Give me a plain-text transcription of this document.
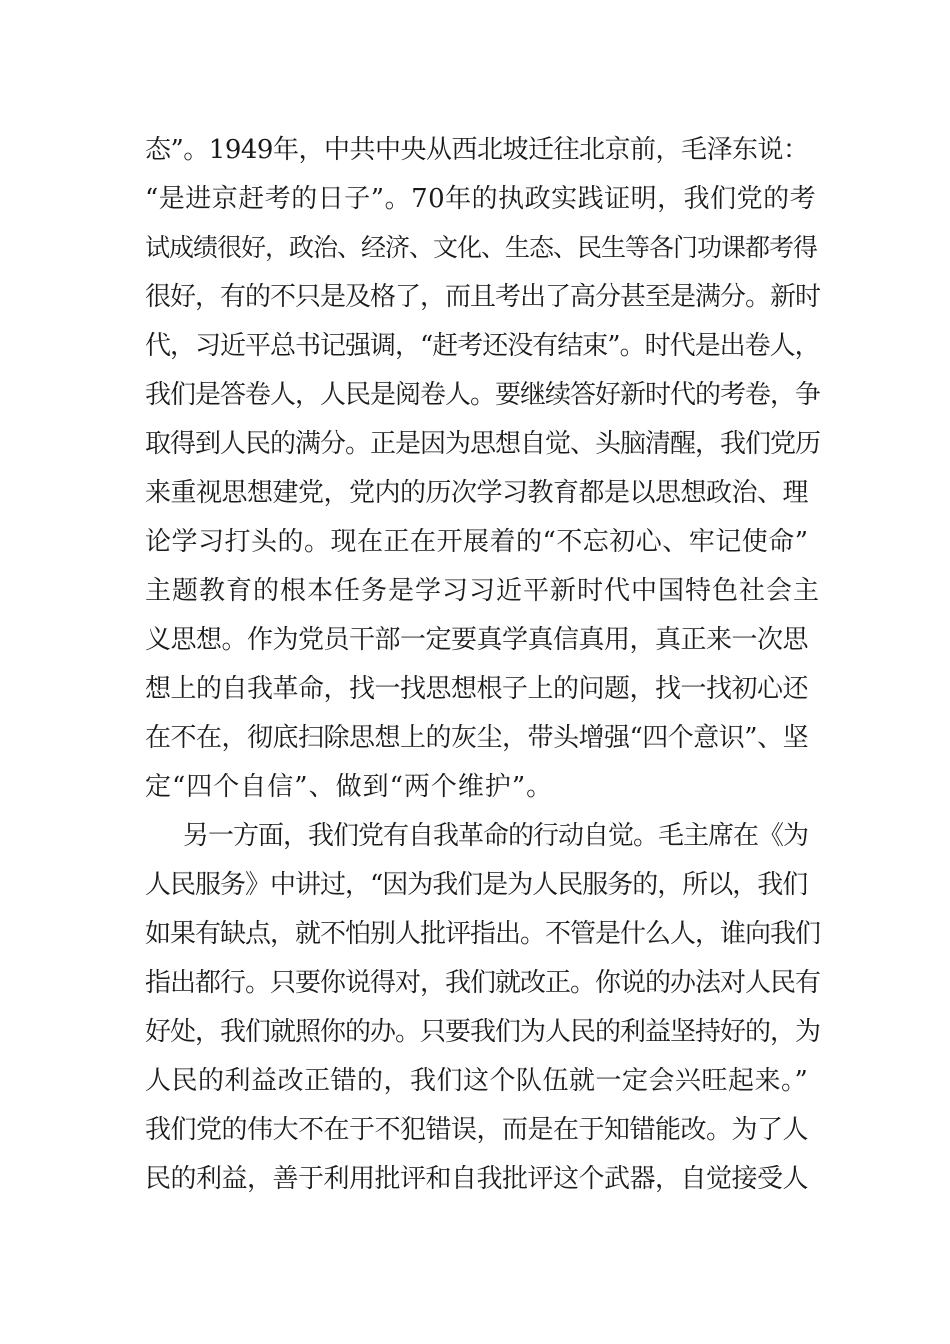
态”。1949年，中共中央从西北坡迁往北京前，毛泽东说：
“是进京赶考的日子”。70年的执政实践证明，我们党的考
试成绩很好，政治、经济、文化、生态、民生等各门功课都考得
很好，有的不只是及格了，而且考出了高分甚至是满分。新时
代，习近平总书记强调，“赶考还没有结束”。时代是出卷人，
我们是答卷人，人民是阅卷人。要继续答好新时代的考卷，争
取得到人民的满分。正是因为思想自觉、头脑清醒，我们党历
来重视思想建党，党内的历次学习教育都是以思想政治、理
论学习打头的。现在正在开展着的“不忘初心、牢记使命”
主题教育的根本任务是学习习近平新时代中国特色社会主
义思想。作为党员干部一定要真学真信真用，真正来一次思
想上的自我革命，找一找思想根子上的问题，找一找初心还
在不在，彻底扫除思想上的灰尘，带头增强“四个意识”、坚
定“四个自信”、做到“两个维护”。
另一方面，我们党有自我革命的行动自觉。毛主席在《为
人民服务》中讲过，“因为我们是为人民服务的，所以，我们
如果有缺点，就不怕别人批评指出。不管是什么人，谁向我们
指出都行。只要你说得对，我们就改正。你说的办法对人民有
好处，我们就照你的办。只要我们为人民的利益坚持好的，为
人民的利益改正错的，我们这个队伍就一定会兴旺起来。”
我们党的伟大不在于不犯错误，而是在于知错能改。为了人
民的利益，善于利用批评和自我批评这个武器，自觉接受人
